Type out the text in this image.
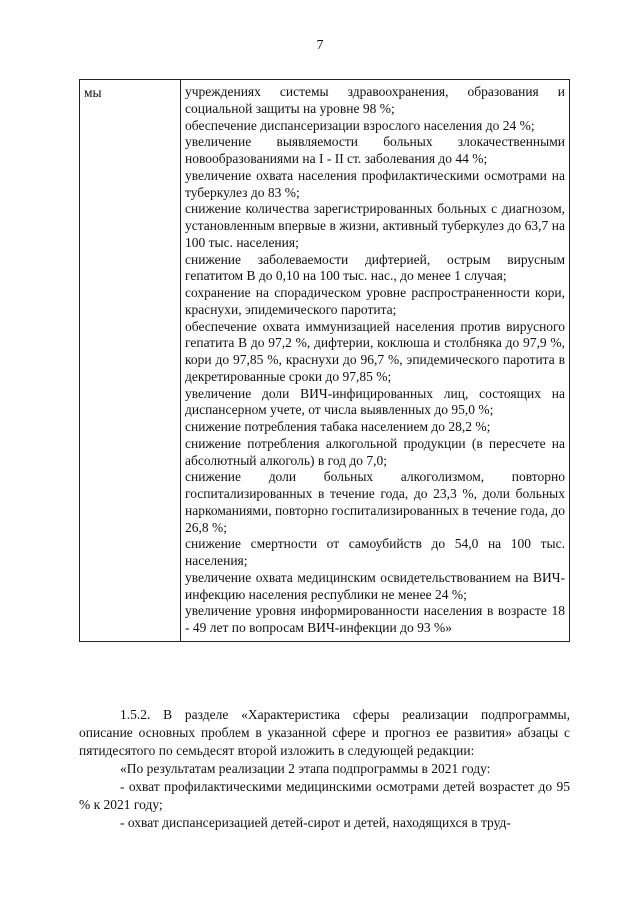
7
мы	учреждениях системы здравоохранения, образования и социальной защиты на уровне 98 %;
обеспечение диспансеризации взрослого населения до 24 %;
увеличение выявляемости больных злокачественными новообразованиями на I - II ст. заболевания до 44 %;
увеличение охвата населения профилактическими осмотрами на туберкулез до 83 %;
снижение количества зарегистрированных больных с диагнозом, установленным впервые в жизни, активный туберкулез до 63,7 на 100 тыс. населения;
снижение заболеваемости дифтерией, острым вирусным гепатитом В до 0,10 на 100 тыс. нас., до менее 1 случая;
сохранение на спорадическом уровне распространенности кори, краснухи, эпидемического паротита;
обеспечение охвата иммунизацией населения против вирусного гепатита В до 97,2 %, дифтерии, коклюша и столбняка до 97,9 %, кори до 97,85 %, краснухи до 96,7 %, эпидемического паротита в декретированные сроки до 97,85 %;
увеличение доли ВИЧ-инфицированных лиц, состоящих на диспансерном учете, от числа выявленных до 95,0 %;
снижение потребления табака населением до 28,2 %;
снижение потребления алкогольной продукции (в пересчете на абсолютный алкоголь) в год до 7,0;
снижение доли больных алкоголизмом, повторно госпитализированных в течение года, до 23,3 %, доли больных наркоманиями, повторно госпитализированных в течение года, до 26,8 %;
снижение смертности от самоубийств до 54,0 на 100 тыс. населения;
увеличение охвата медицинским освидетельствованием на ВИЧ-инфекцию населения республики не менее 24 %;
увеличение уровня информированности населения в возрасте 18 - 49 лет по вопросам ВИЧ-инфекции до 93 %»
1.5.2. В разделе «Характеристика сферы реализации подпрограммы, описание основных проблем в указанной сфере и прогноз ее развития» абзацы с пятидесятого по семьдесят второй изложить в следующей редакции:
«По результатам реализации 2 этапа подпрограммы в 2021 году:
- охват профилактическими медицинскими осмотрами детей возрастет до 95 % к 2021 году;
- охват диспансеризацией детей-сирот и детей, находящихся в труд-
